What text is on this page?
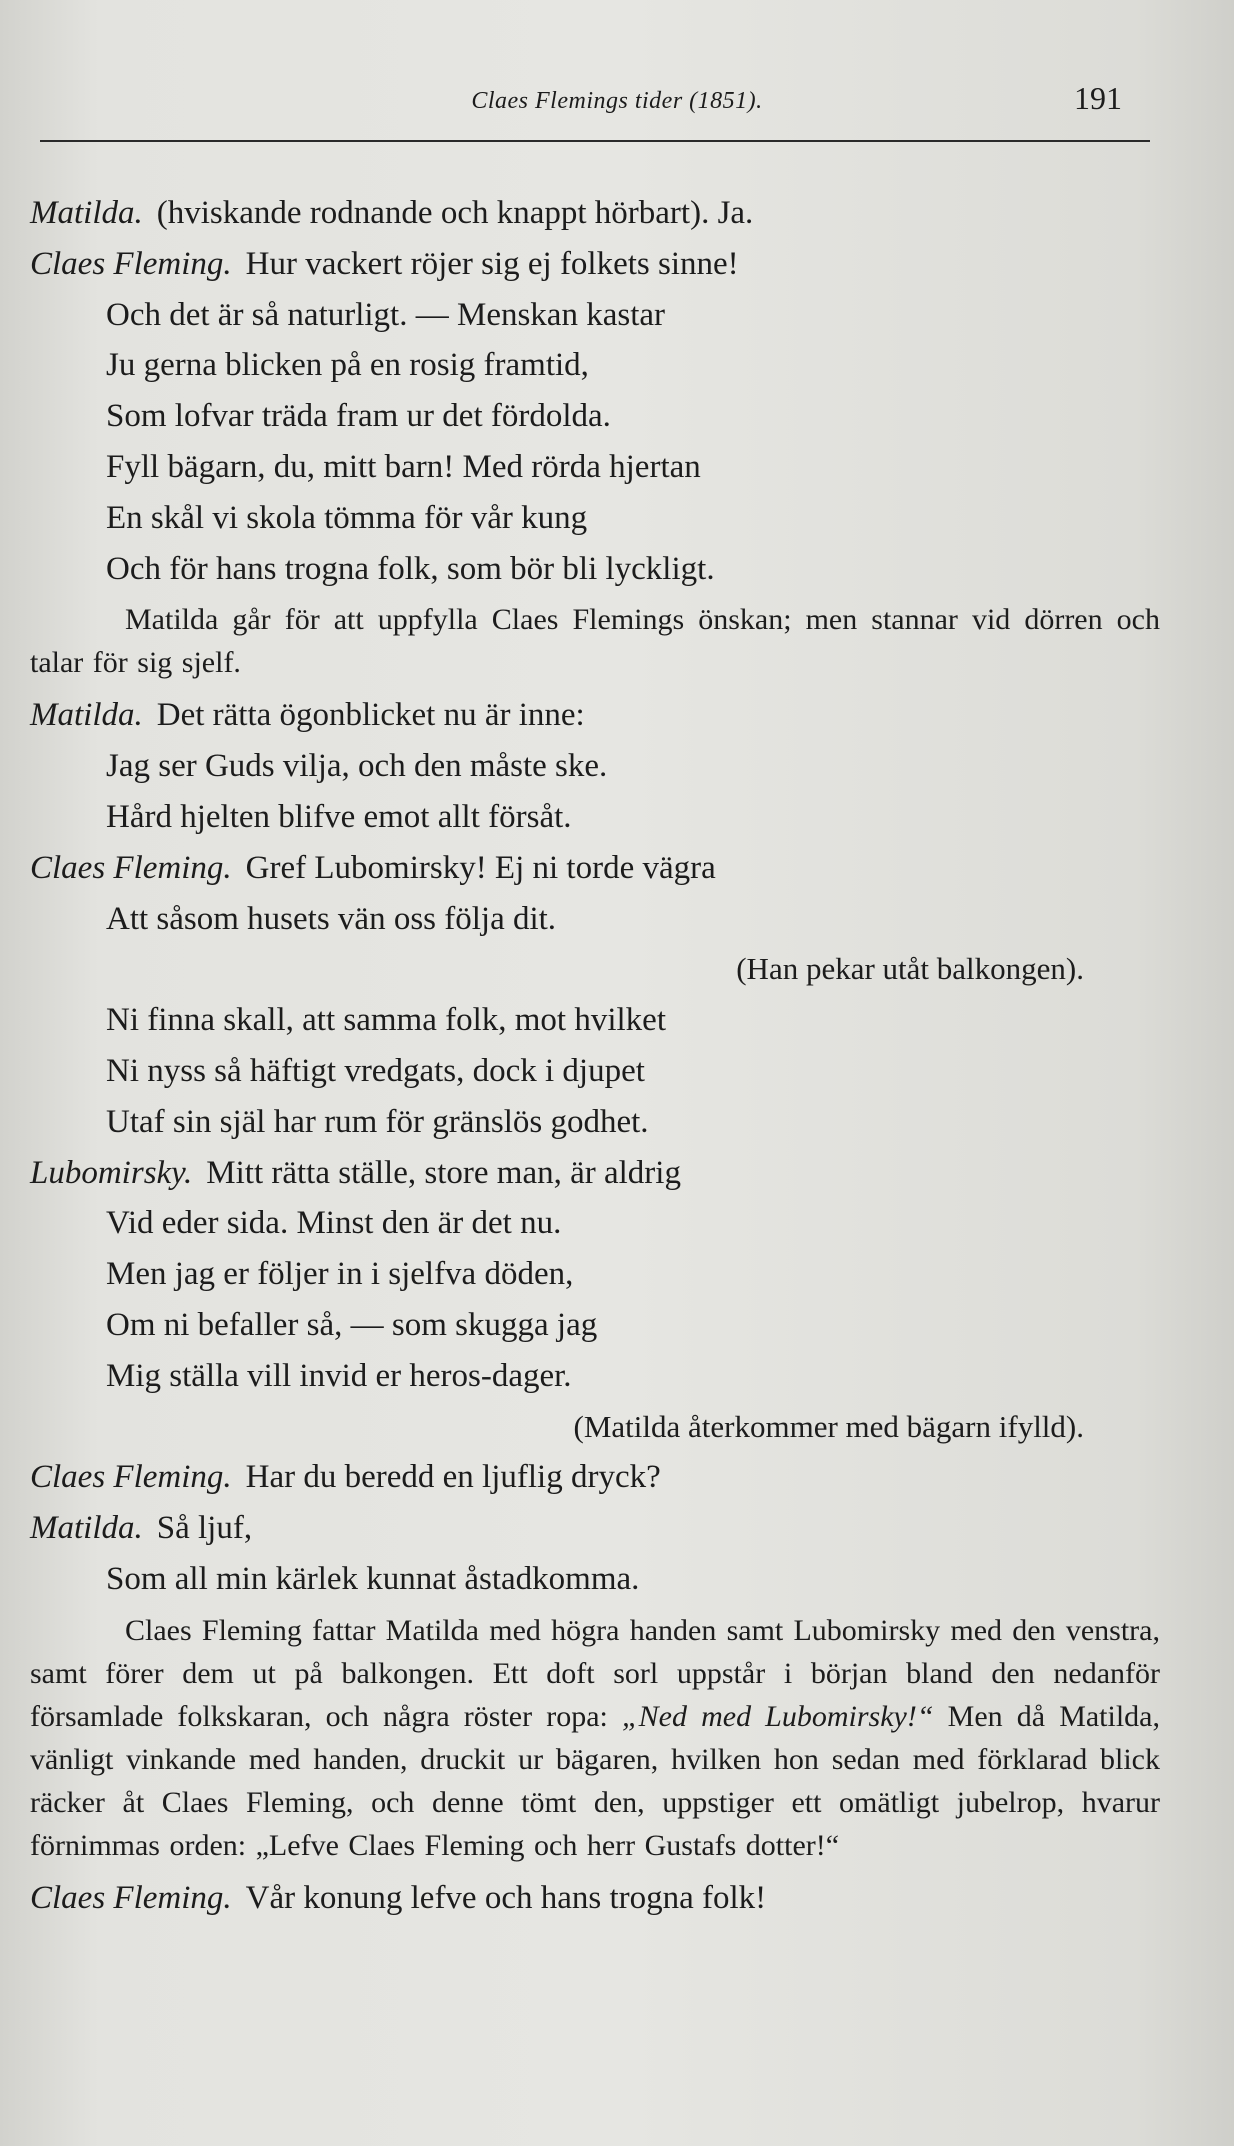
Claes Flemings tider (1851).	191
Matilda. (hviskande rodnande och knappt hörbart). Ja.
Claes Fleming. Hur vackert röjer sig ej folkets sinne!
Och det är så naturligt. — Menskan kastar
Ju gerna blicken på en rosig framtid,
Som lofvar träda fram ur det fördolda.
Fyll bägarn, du, mitt barn! Med rörda hjertan
En skål vi skola tömma för vår kung
Och för hans trogna folk, som bör bli lyckligt.
Matilda går för att uppfylla Claes Flemings önskan; men stannar vid dörren och talar för sig sjelf.
Matilda. Det rätta ögonblicket nu är inne:
Jag ser Guds vilja, och den måste ske.
Hård hjelten blifve emot allt försåt.
Claes Fleming. Gref Lubomirsky! Ej ni torde vägra
Att såsom husets vän oss följa dit.
(Han pekar utåt balkongen).
Ni finna skall, att samma folk, mot hvilket
Ni nyss så häftigt vredgats, dock i djupet
Utaf sin själ har rum för gränslös godhet.
Lubomirsky. Mitt rätta ställe, store man, är aldrig
Vid eder sida. Minst den är det nu.
Men jag er följer in i sjelfva döden,
Om ni befaller så, — som skugga jag
Mig ställa vill invid er heros-dager.
(Matilda återkommer med bägarn ifylld).
Claes Fleming. Har du beredd en ljuflig dryck?
Matilda. Så ljuf,
Som all min kärlek kunnat åstadkomma.
Claes Fleming fattar Matilda med högra handen samt Lubomirsky med den venstra, samt förer dem ut på balkongen. Ett doft sorl uppstår i början bland den nedanför församlade folkskaran, och några röster ropa: „Ned med Lubomirsky!“ Men då Matilda, vänligt vinkande med handen, druckit ur bägaren, hvilken hon sedan med förklarad blick räcker åt Claes Fleming, och denne tömt den, uppstiger ett omätligt jubelrop, hvarur förnimmas orden: „Lefve Claes Fleming och herr Gustafs dotter!“
Claes Fleming. Vår konung lefve och hans trogna folk!
